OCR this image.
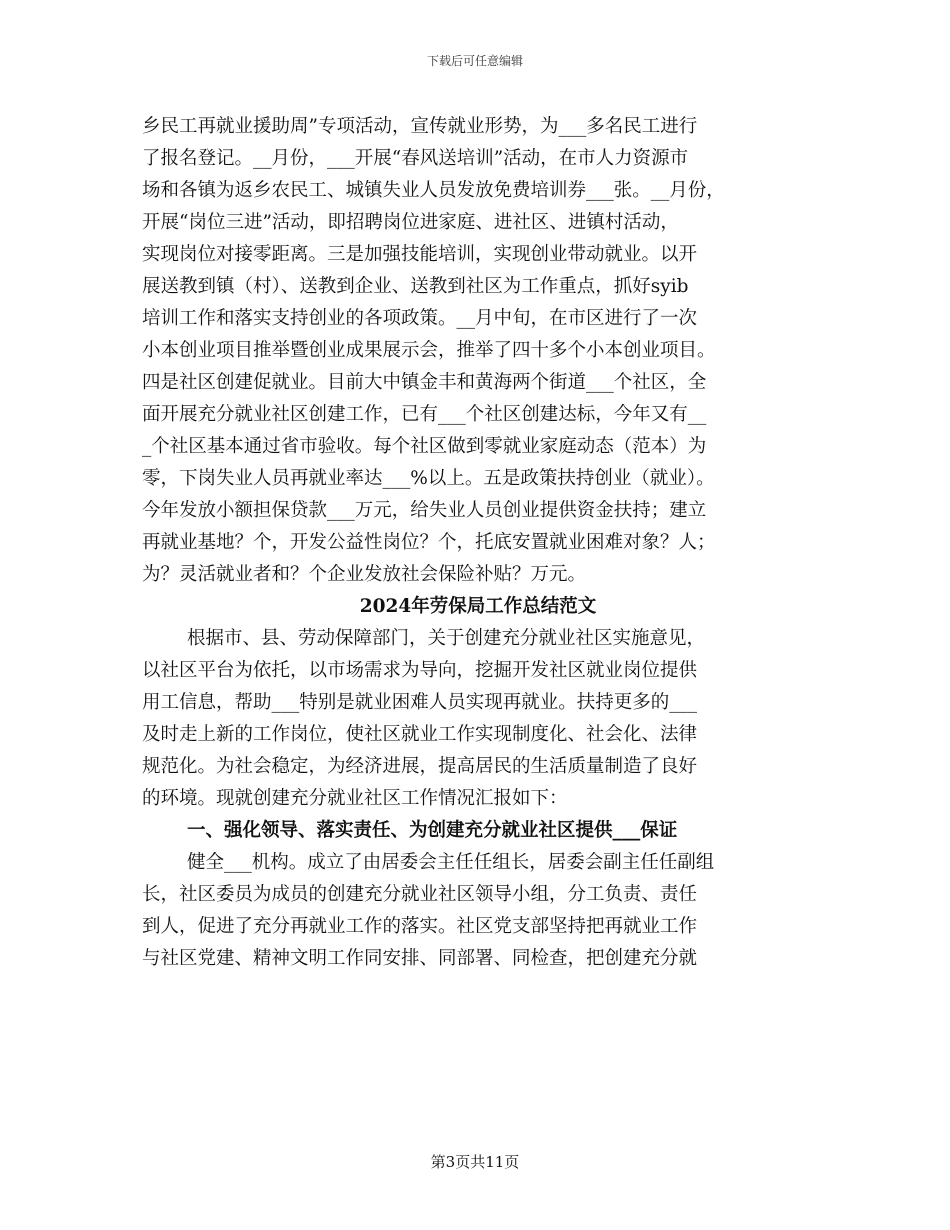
下载后可任意编辑
乡民工再就业援助周”专项活动，宣传就业形势，为___多名民工进行
了报名登记。__月份，___开展“春风送培训”活动，在市人力资源市
场和各镇为返乡农民工、城镇失业人员发放免费培训券___张。__月份，
开展“岗位三进”活动，即招聘岗位进家庭、进社区、进镇村活动，
实现岗位对接零距离。三是加强技能培训，实现创业带动就业。以开
展送教到镇（村）、送教到企业、送教到社区为工作重点，抓好syib
培训工作和落实支持创业的各项政策。__月中旬，在市区进行了一次
小本创业项目推举暨创业成果展示会，推举了四十多个小本创业项目。
四是社区创建促就业。目前大中镇金丰和黄海两个街道___个社区，全
面开展充分就业社区创建工作，已有___个社区创建达标，今年又有__
_个社区基本通过省市验收。每个社区做到零就业家庭动态（范本）为
零，下岗失业人员再就业率达___%以上。五是政策扶持创业（就业）。
今年发放小额担保贷款___万元，给失业人员创业提供资金扶持；建立
再就业基地？个，开发公益性岗位？个，托底安置就业困难对象？人；
为？灵活就业者和？个企业发放社会保险补贴？万元。
2024年劳保局工作总结范文
根据市、县、劳动保障部门，关于创建充分就业社区实施意见，
以社区平台为依托，以市场需求为导向，挖掘开发社区就业岗位提供
用工信息，帮助___特别是就业困难人员实现再就业。扶持更多的___
及时走上新的工作岗位，使社区就业工作实现制度化、社会化、法律
规范化。为社会稳定，为经济进展，提高居民的生活质量制造了良好
的环境。现就创建充分就业社区工作情况汇报如下：
一、强化领导、落实责任、为创建充分就业社区提供___保证
健全___机构。成立了由居委会主任任组长，居委会副主任任副组
长，社区委员为成员的创建充分就业社区领导小组，分工负责、责任
到人，促进了充分再就业工作的落实。社区党支部坚持把再就业工作
与社区党建、精神文明工作同安排、同部署、同检查，把创建充分就
第3页共11页
